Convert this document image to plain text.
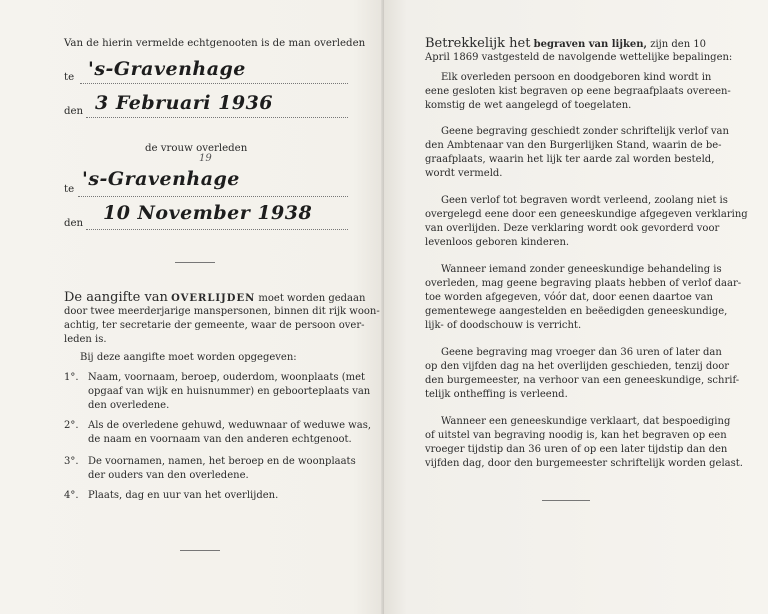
Van de hierin vermelde echtgenooten is de man overleden
te 's-Gravenhage
den 3 Februari 1936
de vrouw overleden
19
te 's-Gravenhage
den 10 November 1938
De aangifte van OVERLIJDEN moet worden gedaan
door twee meerderjarige manspersonen, binnen dit rijk woon-
achtig, ter secretarie der gemeente, waar de persoon over-
leden is.
Bij deze aangifte moet worden opgegeven:
1°. Naam, voornaam, beroep, ouderdom, woonplaats (met
opgaaf van wijk en huisnummer) en geboorteplaats van
den overledene.
2°. Als de overledene gehuwd, weduwnaar of weduwe was,
de naam en voornaam van den anderen echtgenoot.
3°. De voornamen, namen, het beroep en de woonplaats
der ouders van den overledene.
4°. Plaats, dag en uur van het overlijden.
Betrekkelijk het begraven van lijken, zijn den 10
April 1869 vastgesteld de navolgende wettelijke bepalingen:
Elk overleden persoon en doodgeboren kind wordt in
eene gesloten kist begraven op eene begraafplaats overeen-
komstig de wet aangelegd of toegelaten.
Geene begraving geschiedt zonder schriftelijk verlof van
den Ambtenaar van den Burgerlijken Stand, waarin de be-
graafplaats, waarin het lijk ter aarde zal worden besteld,
wordt vermeld.
Geen verlof tot begraven wordt verleend, zoolang niet is
overgelegd eene door een geneeskundige afgegeven verklaring
van overlijden. Deze verklaring wordt ook gevorderd voor
levenloos geboren kinderen.
Wanneer iemand zonder geneeskundige behandeling is
overleden, mag geene begraving plaats hebben of verlof daar-
toe worden afgegeven, vóór dat, door eenen daartoe van
gementewege aangestelden en beëedigden geneeskundige,
lijk- of doodschouw is verricht.
Geene begraving mag vroeger dan 36 uren of later dan
op den vijfden dag na het overlijden geschieden, tenzij door
den burgemeester, na verhoor van een geneeskundige, schrif-
telijk ontheffing is verleend.
Wanneer een geneeskundige verklaart, dat bespoediging
of uitstel van begraving noodig is, kan het begraven op een
vroeger tijdstip dan 36 uren of op een later tijdstip dan den
vijfden dag, door den burgemeester schriftelijk worden gelast.
